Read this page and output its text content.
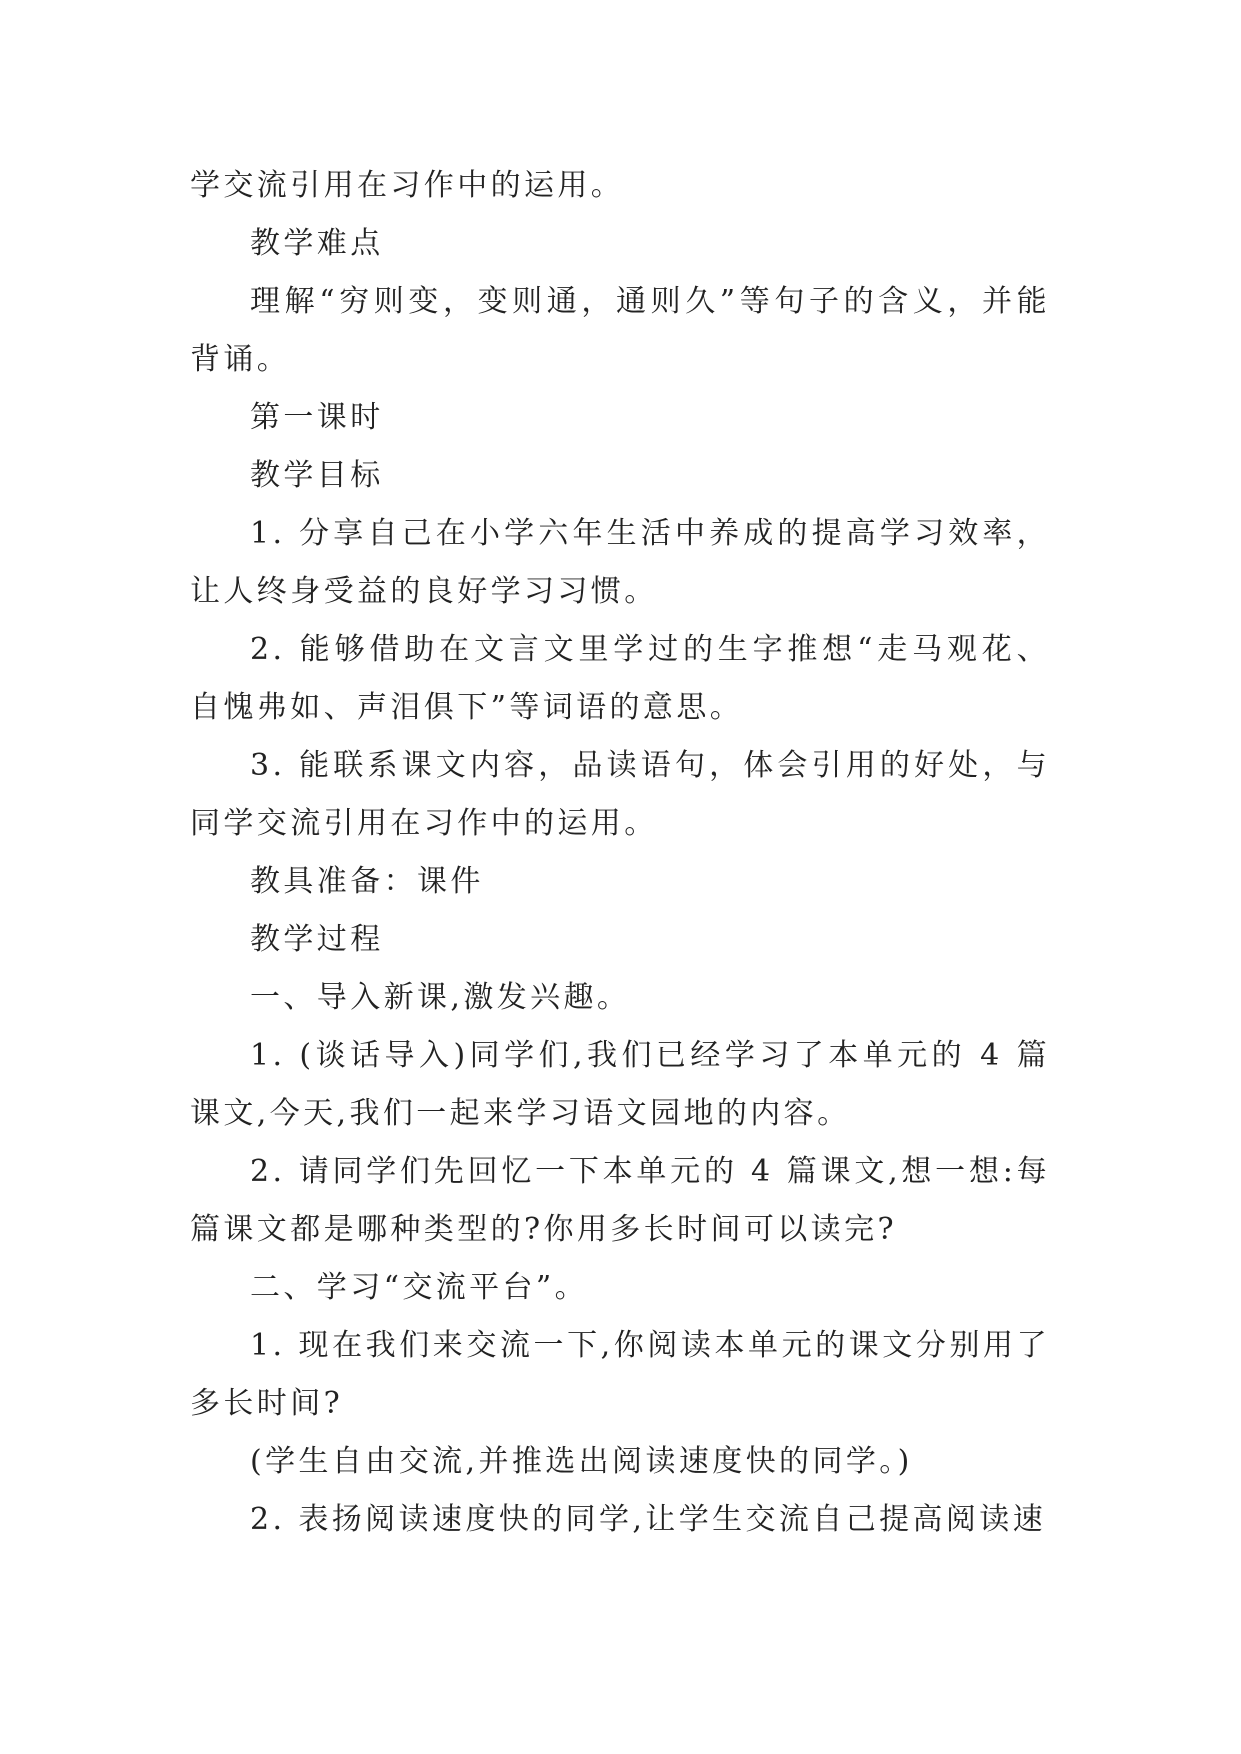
学交流引用在习作中的运用。

教学难点

理解“穷则变，变则通，通则久”等句子的含义，并能背诵。

第一课时

教学目标

1. 分享自己在小学六年生活中养成的提高学习效率，让人终身受益的良好学习习惯。

2. 能够借助在文言文里学过的生字推想“走马观花、自愧弗如、声泪俱下”等词语的意思。

3. 能联系课文内容，品读语句，体会引用的好处，与同学交流引用在习作中的运用。

教具准备：课件

教学过程

一、导入新课,激发兴趣。

1. (谈话导入)同学们,我们已经学习了本单元的 4 篇课文,今天,我们一起来学习语文园地的内容。

2. 请同学们先回忆一下本单元的 4 篇课文,想一想:每篇课文都是哪种类型的?你用多长时间可以读完?

二、学习“交流平台”。

1. 现在我们来交流一下,你阅读本单元的课文分别用了多长时间?

(学生自由交流,并推选出阅读速度快的同学。)

2. 表扬阅读速度快的同学,让学生交流自己提高阅读速
